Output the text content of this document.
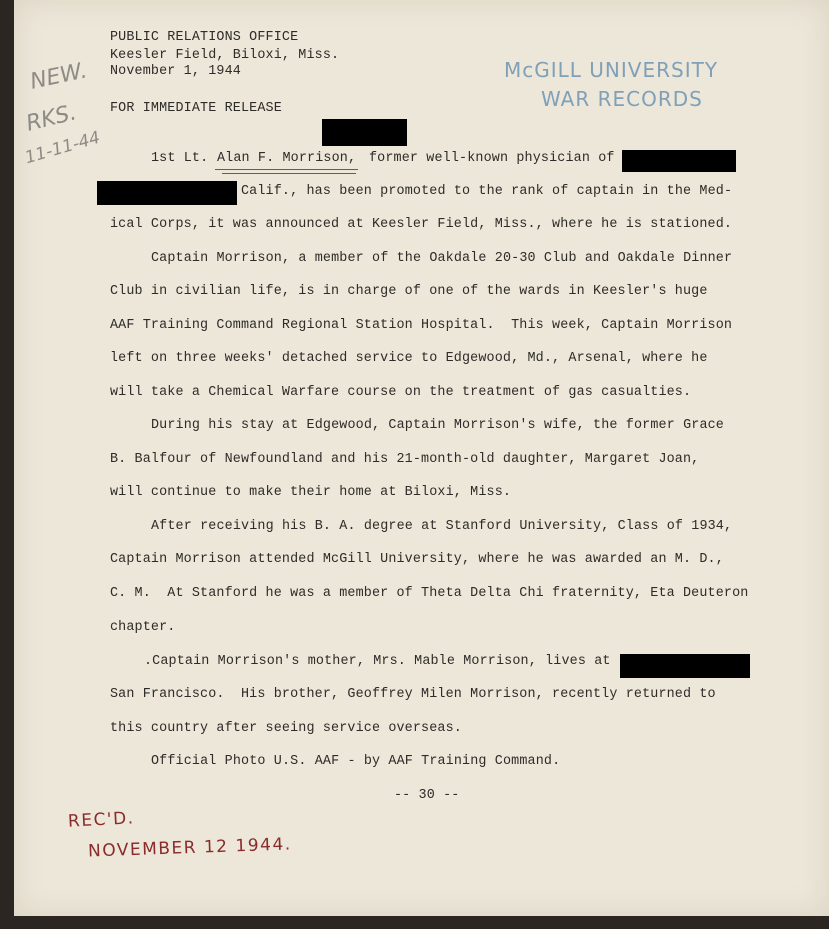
PUBLIC RELATIONS OFFICE
Keesler Field, Biloxi, Miss.
November 1, 1944
FOR IMMEDIATE RELEASE
McGILL UNIVERSITY
WAR RECORDS
NEW.
RKS.
11-11-44	1st Lt. Alan F. Morrison, former well-known physician of
Calif., has been promoted to the rank of captain in the Med-
ical Corps, it was announced at Keesler Field, Miss., where he is stationed.
Captain Morrison, a member of the Oakdale 20-30 Club and Oakdale Dinner
Club in civilian life, is in charge of one of the wards in Keesler's huge
AAF Training Command Regional Station Hospital.  This week, Captain Morrison
left on three weeks' detached service to Edgewood, Md., Arsenal, where he
will take a Chemical Warfare course on the treatment of gas casualties.
During his stay at Edgewood, Captain Morrison's wife, the former Grace
B. Balfour of Newfoundland and his 21-month-old daughter, Margaret Joan,
will continue to make their home at Biloxi, Miss.
After receiving his B. A. degree at Stanford University, Class of 1934,
Captain Morrison attended McGill University, where he was awarded an M. D.,
C. M.  At Stanford he was a member of Theta Delta Chi fraternity, Eta Deuteron
chapter.
.Captain Morrison's mother, Mrs. Mable Morrison, lives at
San Francisco.  His brother, Geoffrey Milen Morrison, recently returned to
this country after seeing service overseas.
Official Photo U.S. AAF - by AAF Training Command.
-- 30 --
REC'D.
NOVEMBER 12 1944.
